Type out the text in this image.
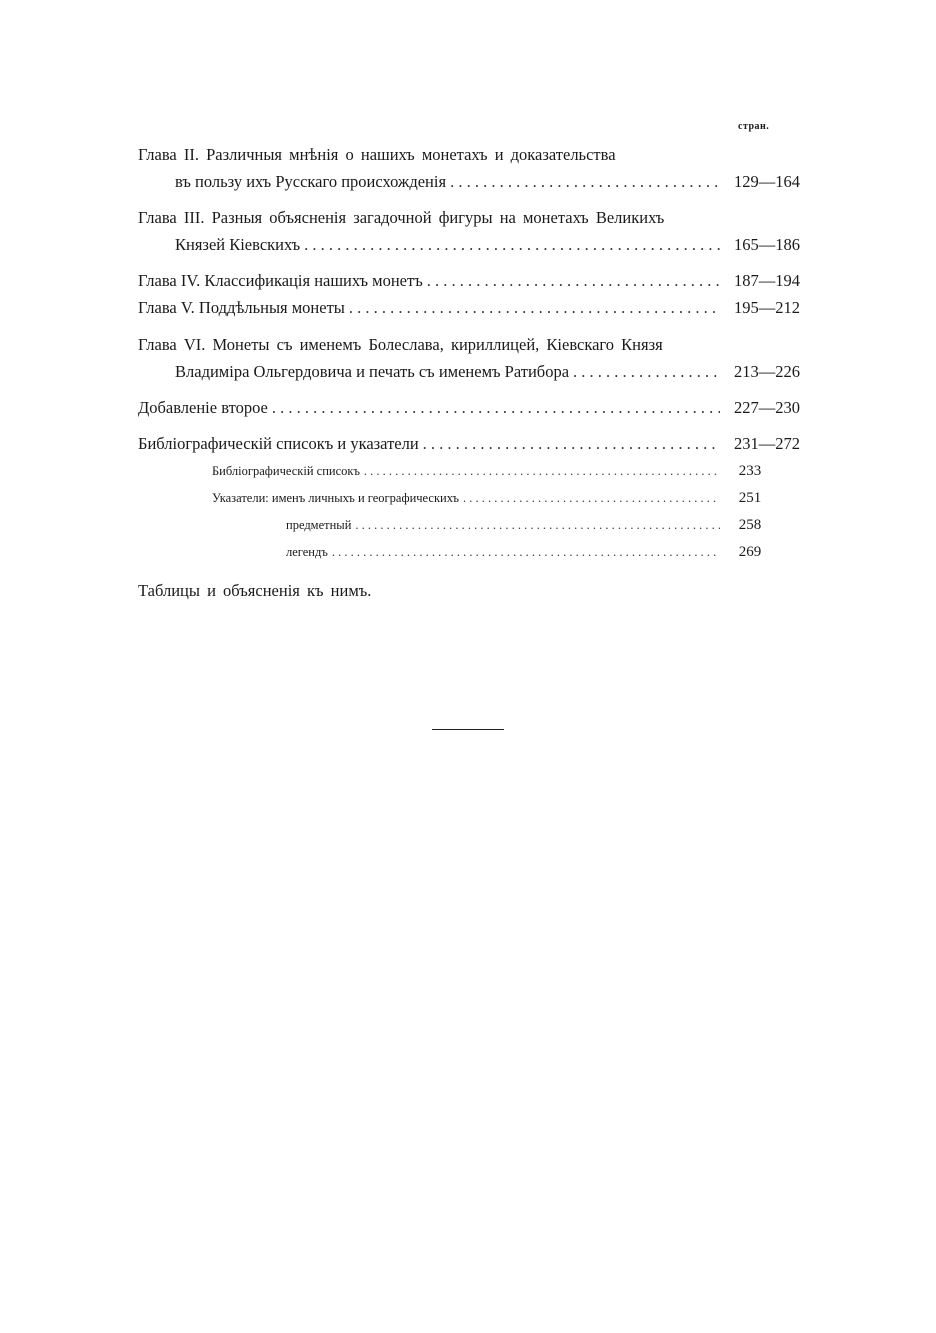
стран.
Глава II. Различныя мнѣнія о нашихъ монетахъ и доказательства
въ пользу ихъ Русскаго происхожденія . . .	129—164
Глава III. Разныя объясненія загадочной фигуры на монетахъ Великихъ
Князей Кіевскихъ . . .	165—186
Глава IV. Классификація нашихъ монетъ . . .	187—194
Глава V. Поддѣльныя монеты . . .	195—212
Глава VI. Монеты съ именемъ Болеслава, кириллицей, Кіевскаго Князя
Владиміра Ольгердовича и печать съ именемъ Ратибора . . .	213—226
Добавленіе второе . . .	227—230
Библіографическій списокъ и указатели . . .	231—272
Библіографическій списокъ . . .	233
Указатели: именъ личныхъ и географическихъ . . .	251
предметный . . .	258
легендъ . . .	269
Таблицы и объясненія къ нимъ.
